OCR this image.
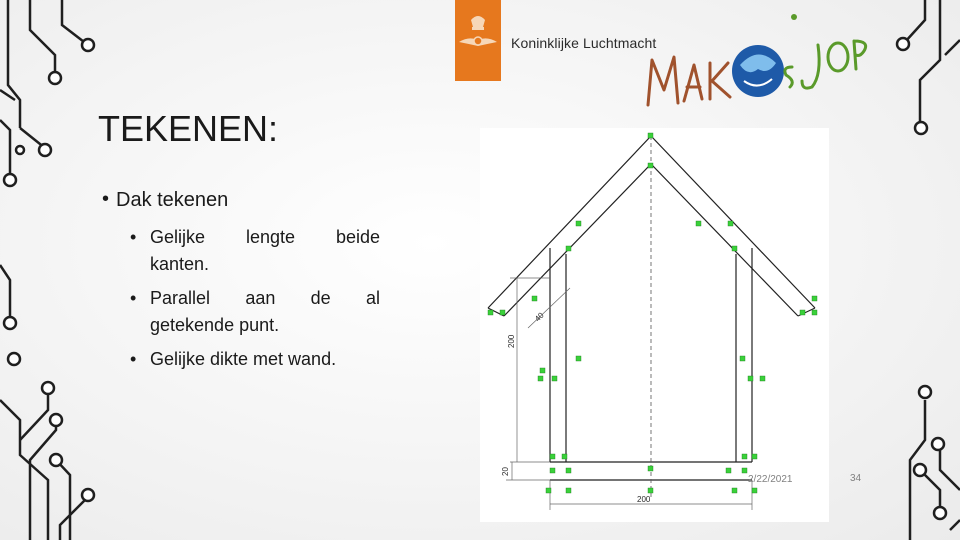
Koninklijke Luchtmacht
TEKENEN:
• Dak tekenen
• Gelijke lengte beide
kanten.
• Parallel aan de al
getekende punt.
• Gelijke dikte met wand.
200
40
20
200
2/22/2021	34
